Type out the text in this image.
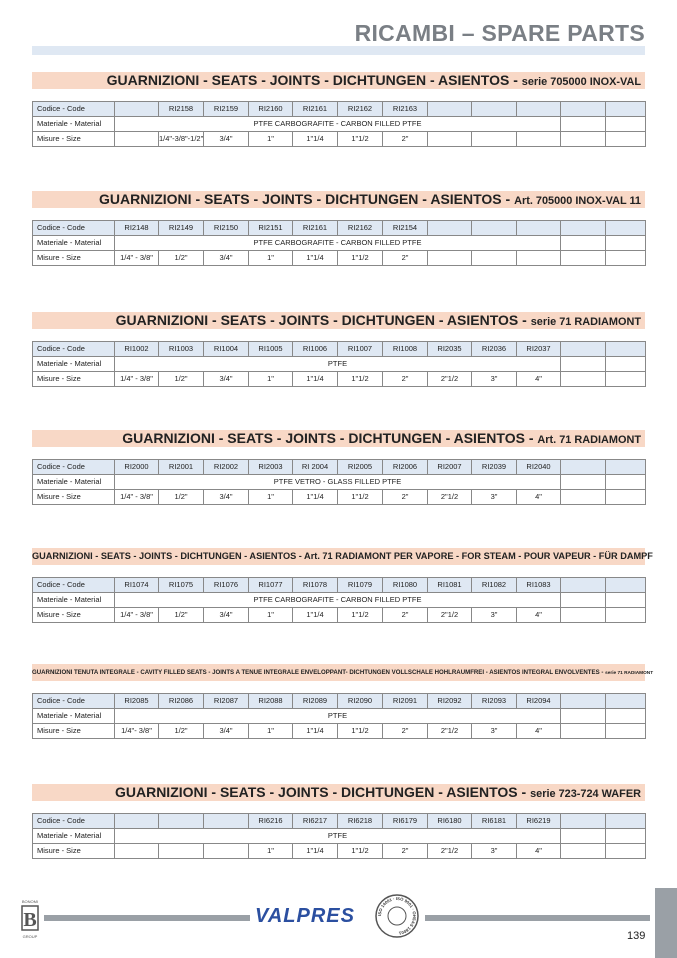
RICAMBI – SPARE PARTS
GUARNIZIONI - SEATS - JOINTS - DICHTUNGEN - ASIENTOS - serie 705000 INOX-VAL
Codice - Code		RI2158	RI2159	RI2160	RI2161	RI2162	RI2163					
Materiale - Material	PTFE CARBOGRAFITE - CARBON FILLED PTFE											
Misure - Size		1/4"-3/8"-1/2"	3/4"	1"	1"1/4	1"1/2	2"					
GUARNIZIONI - SEATS - JOINTS - DICHTUNGEN - ASIENTOS - Art. 705000 INOX-VAL 11
Codice - Code	RI2148	RI2149	RI2150	RI2151	RI2161	RI2162	RI2154					
Materiale - Material	PTFE CARBOGRAFITE - CARBON FILLED PTFE											
Misure - Size	1/4" - 3/8"	1/2"	3/4"	1"	1"1/4	1"1/2	2"					
GUARNIZIONI - SEATS - JOINTS - DICHTUNGEN - ASIENTOS - serie 71 RADIAMONT
Codice - Code	RI1002	RI1003	RI1004	RI1005	RI1006	RI1007	RI1008	RI2035	RI2036	RI2037		
Materiale - Material	PTFE											
Misure - Size	1/4" - 3/8"	1/2"	3/4"	1"	1"1/4	1"1/2	2"	2"1/2	3"	4"		
GUARNIZIONI - SEATS - JOINTS - DICHTUNGEN - ASIENTOS - Art. 71 RADIAMONT
Codice - Code	RI2000	RI2001	RI2002	RI2003	RI 2004	RI2005	RI2006	RI2007	RI2039	RI2040		
Materiale - Material	PTFE VETRO - GLASS FILLED PTFE											
Misure - Size	1/4" - 3/8"	1/2"	3/4"	1"	1"1/4	1"1/2	2"	2"1/2	3"	4"		
GUARNIZIONI - SEATS - JOINTS - DICHTUNGEN - ASIENTOS - Art. 71 RADIAMONT PER VAPORE - FOR STEAM - POUR VAPEUR - FÜR DAMPF
Codice - Code	RI1074	RI1075	RI1076	RI1077	RI1078	RI1079	RI1080	RI1081	RI1082	RI1083		
Materiale - Material	PTFE CARBOGRAFITE - CARBON FILLED PTFE											
Misure - Size	1/4" - 3/8"	1/2"	3/4"	1"	1"1/4	1"1/2	2"	2"1/2	3"	4"		
GUARNIZIONI TENUTA INTEGRALE - CAVITY FILLED SEATS - JOINTS A TENUE INTEGRALE ENVELOPPANT- DICHTUNGEN VOLLSCHALE HOHLRAUMFREI - ASIENTOS INTEGRAL ENVOLVENTES - serie 71 RADIAMONT
Codice - Code	RI2085	RI2086	RI2087	RI2088	RI2089	RI2090	RI2091	RI2092	RI2093	RI2094		
Materiale - Material	PTFE											
Misure - Size	1/4"- 3/8"	1/2"	3/4"	1"	1"1/4	1"1/2	2"	2"1/2	3"	4"		
GUARNIZIONI - SEATS - JOINTS - DICHTUNGEN - ASIENTOS - serie 723-724 WAFER
Codice - Code				RI6216	RI6217	RI6218	RI6179	RI6180	RI6181	RI6219		
Materiale - Material	PTFE											
Misure - Size				1"	1"1/4	1"1/2	2"	2"1/2	3"	4"		
BONOMI
B
GROUP
VALPRES	ISO 14001 · ISO 9001 · OHSAS 18001	139
